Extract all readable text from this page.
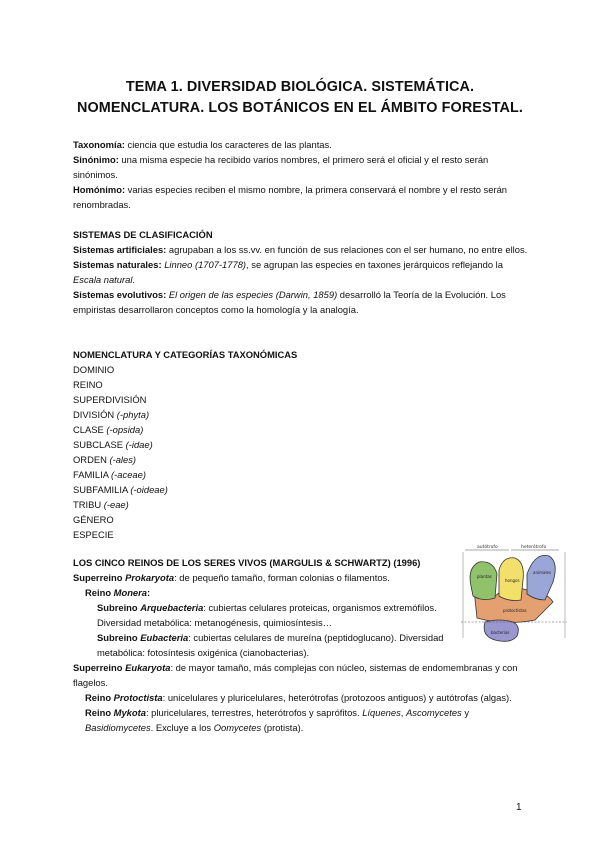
TEMA 1. DIVERSIDAD BIOLÓGICA. SISTEMÁTICA.
NOMENCLATURA. LOS BOTÁNICOS EN EL ÁMBITO FORESTAL.

Taxonomía: ciencia que estudia los caracteres de las plantas.

Sinónimo: una misma especie ha recibido varios nombres, el primero será el oficial y el resto serán sinónimos.

Homónimo: varias especies reciben el mismo nombre, la primera conservará el nombre y el resto serán renombradas.

SISTEMAS DE CLASIFICACIÓN

Sistemas artificiales: agrupaban a los ss.vv. en función de sus relaciones con el ser humano, no entre ellos.

Sistemas naturales: Linneo (1707-1778), se agrupan las especies en taxones jerárquicos reflejando la Escala natural.

Sistemas evolutivos: El origen de las especies (Darwin, 1859) desarrolló la Teoría de la Evolución. Los empiristas desarrollaron conceptos como la homología y la analogía.

NOMENCLATURA Y CATEGORÍAS TAXONÓMICAS

DOMINIO
REINO
SUPERDIVISIÓN
DIVISIÓN (-phyta)
CLASE (-opsida)
SUBCLASE (-idae)
ORDEN (-ales)
FAMILIA (-aceae)
SUBFAMILIA (-oideae)
TRIBU (-eae)
GÉNERO
ESPECIE

LOS CINCO REINOS DE LOS SERES VIVOS (MARGULIS & SCHWARTZ) (1996)

Superreino Prokaryota: de pequeño tamaño, forman colonias o filamentos.

Reino Monera:

Subreino Arquebacteria: cubiertas celulares proteicas, organismos extremófilos. Diversidad metabólica: metanogénesis, quimiosíntesis…

Subreino Eubacteria: cubiertas celulares de mureína (peptidoglucano). Diversidad metabólica: fotosíntesis oxigénica (cianobacterias).

Superreino Eukaryota: de mayor tamaño, más complejas con núcleo, sistemas de endomembranas y con flagelos.

Reino Protoctista: unicelulares y pluricelulares, heterótrofas (protozoos antiguos) y autótrofas (algas).

Reino Mykota: pluricelulares, terrestres, heterótrofos y saprófitos. Líquenes, Ascomycetes y Basidiomycetes. Excluye a los Oomycetes (protista).

autótrofo	heterótrofo
plantas
hongos
animales
protoctistas
bacterias
1
